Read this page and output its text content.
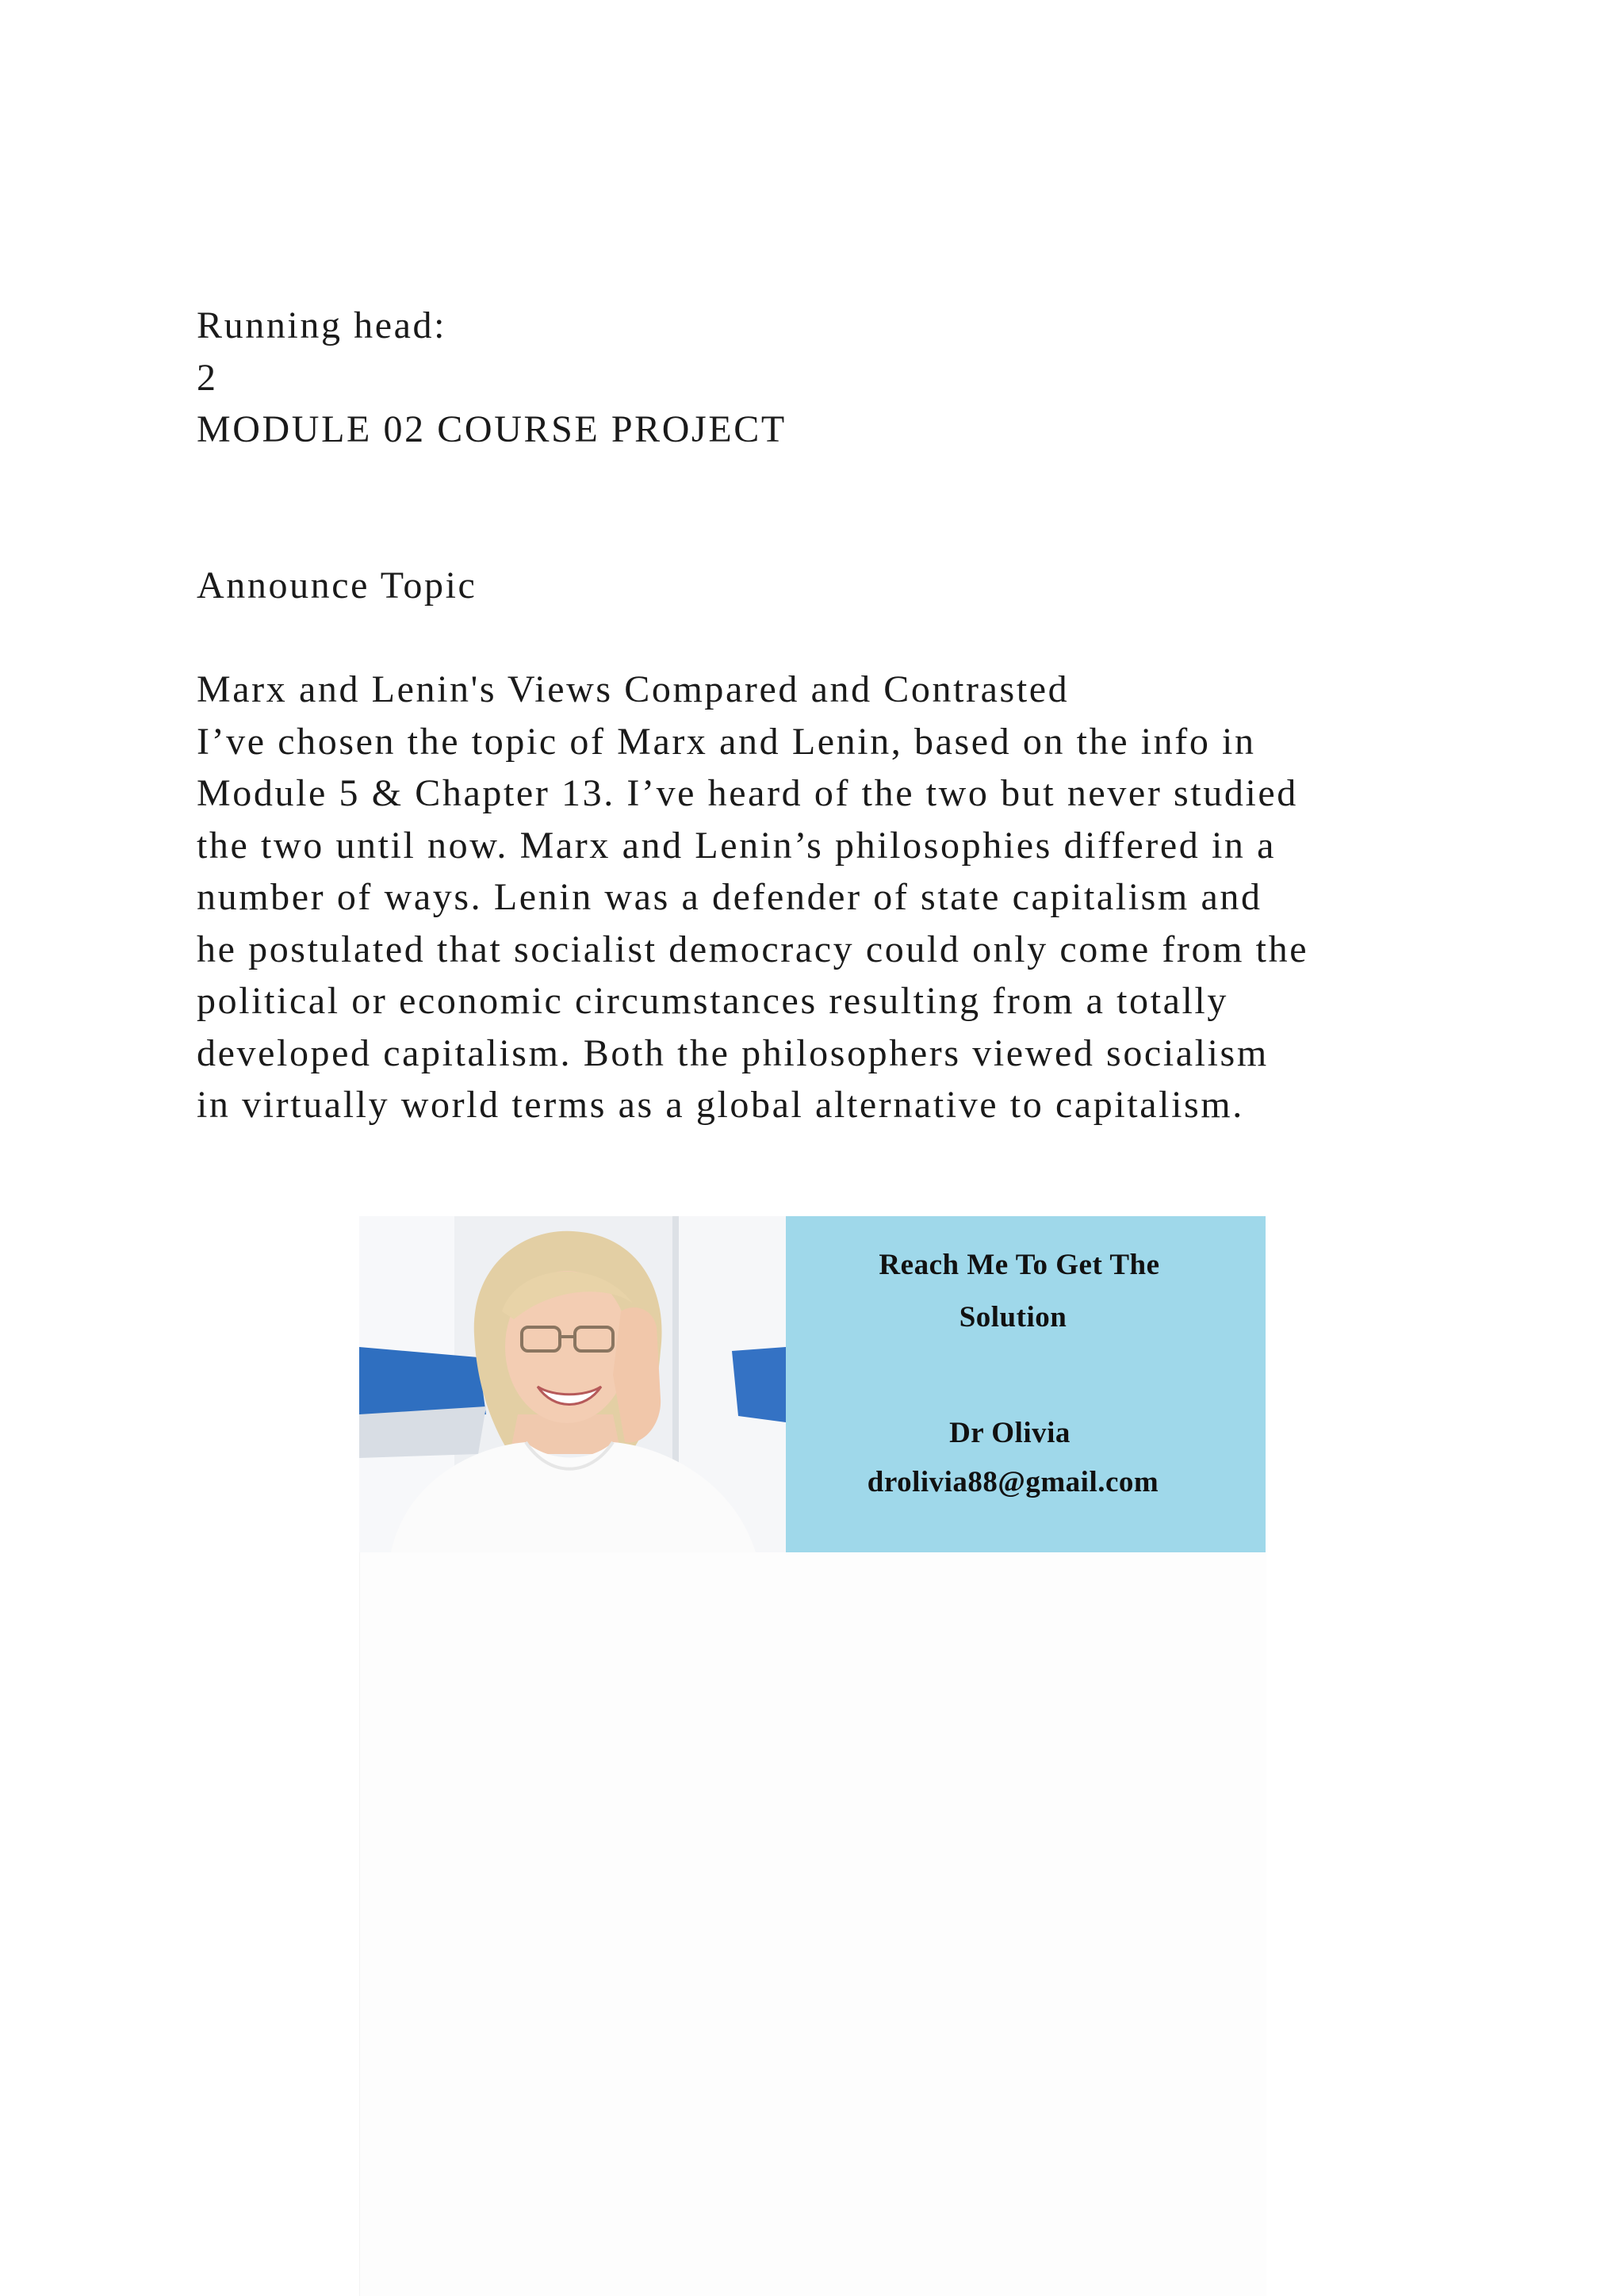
Running head:
2
MODULE 02 COURSE PROJECT
Announce Topic
Marx and Lenin's Views Compared and Contrasted
I’ve chosen the topic of Marx and Lenin, based on the info in
Module 5 & Chapter 13. I’ve heard of the two but never studied
the two until now. Marx and Lenin’s philosophies differed in a
number of ways. Lenin was a defender of state capitalism and
he postulated that socialist democracy could only come from the
political or economic circumstances resulting from a totally
developed capitalism. Both the philosophers viewed socialism
in virtually world terms as a global alternative to capitalism.
Reach Me To Get The
Solution
Dr Olivia
drolivia88@gmail.com
